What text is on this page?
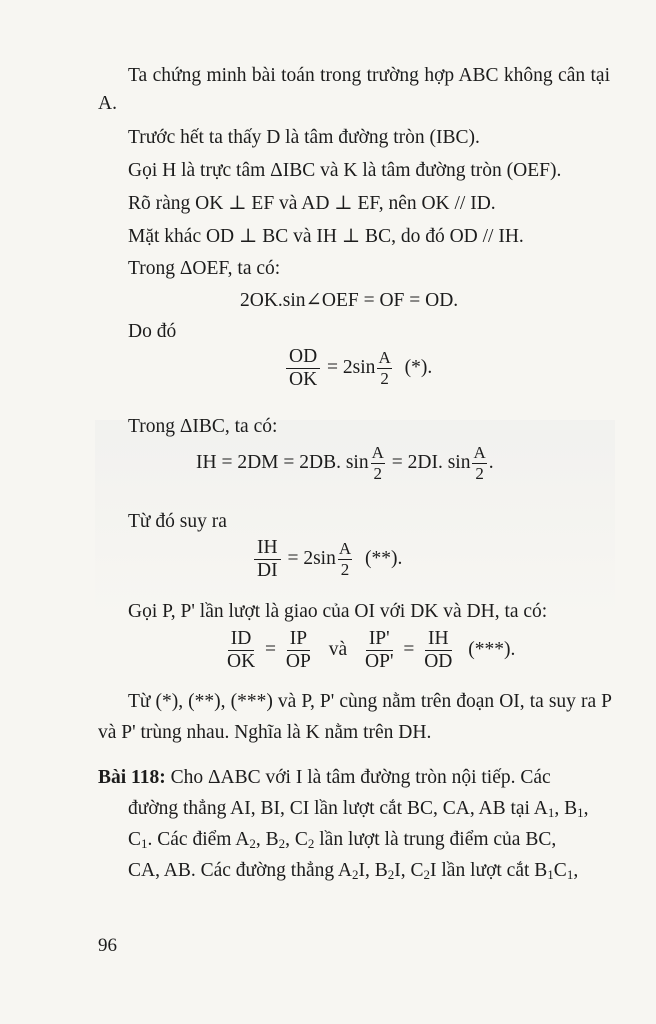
Ta chứng minh bài toán trong trường hợp ABC không cân tại A.
Trước hết ta thấy D là tâm đường tròn (IBC).
Gọi H là trực tâm ΔIBC và K là tâm đường tròn (OEF).
Rõ ràng OK ⊥ EF và AD ⊥ EF, nên OK // ID.
Mặt khác OD ⊥ BC và IH ⊥ BC, do đó OD // IH.
Trong ΔOEF, ta có:
2OK.sin∠OEF = OF = OD.
Do đó
$\frac{OD}{OK} = 2\sin \frac{A}{2}$ (*).
Trong ΔIBC, ta có:
IH = 2DM = 2DB. $\sin \frac{A}{2} = 2DI$. $\sin \frac{A}{2}$ .
Từ đó suy ra
$\frac{IH}{DI} = 2\sin \frac{A}{2}$ (**).
Gọi P, P' lần lượt là giao của OI với DK và DH, ta có:
$\frac{ID}{OK} = \frac{IP}{OP}$ và $\frac{IP'}{OP'} = \frac{IH}{OD}$ (***).
Từ (*), (**), (***) và P, P' cùng nằm trên đoạn OI, ta suy ra P và P' trùng nhau. Nghĩa là K nằm trên DH.
Bài 118: Cho ΔABC với I là tâm đường tròn nội tiếp. Các
đường thẳng AI, BI, CI lần lượt cắt BC, CA, AB tại $A_1$, $B_1$,
$C_1$. Các điểm $A_2$, $B_2$, $C_2$ lần lượt là trung điểm của BC,
CA, AB. Các đường thẳng $A_2I$, $B_2I$, $C_2I$ lần lượt cắt $B_1C_1$,
96
